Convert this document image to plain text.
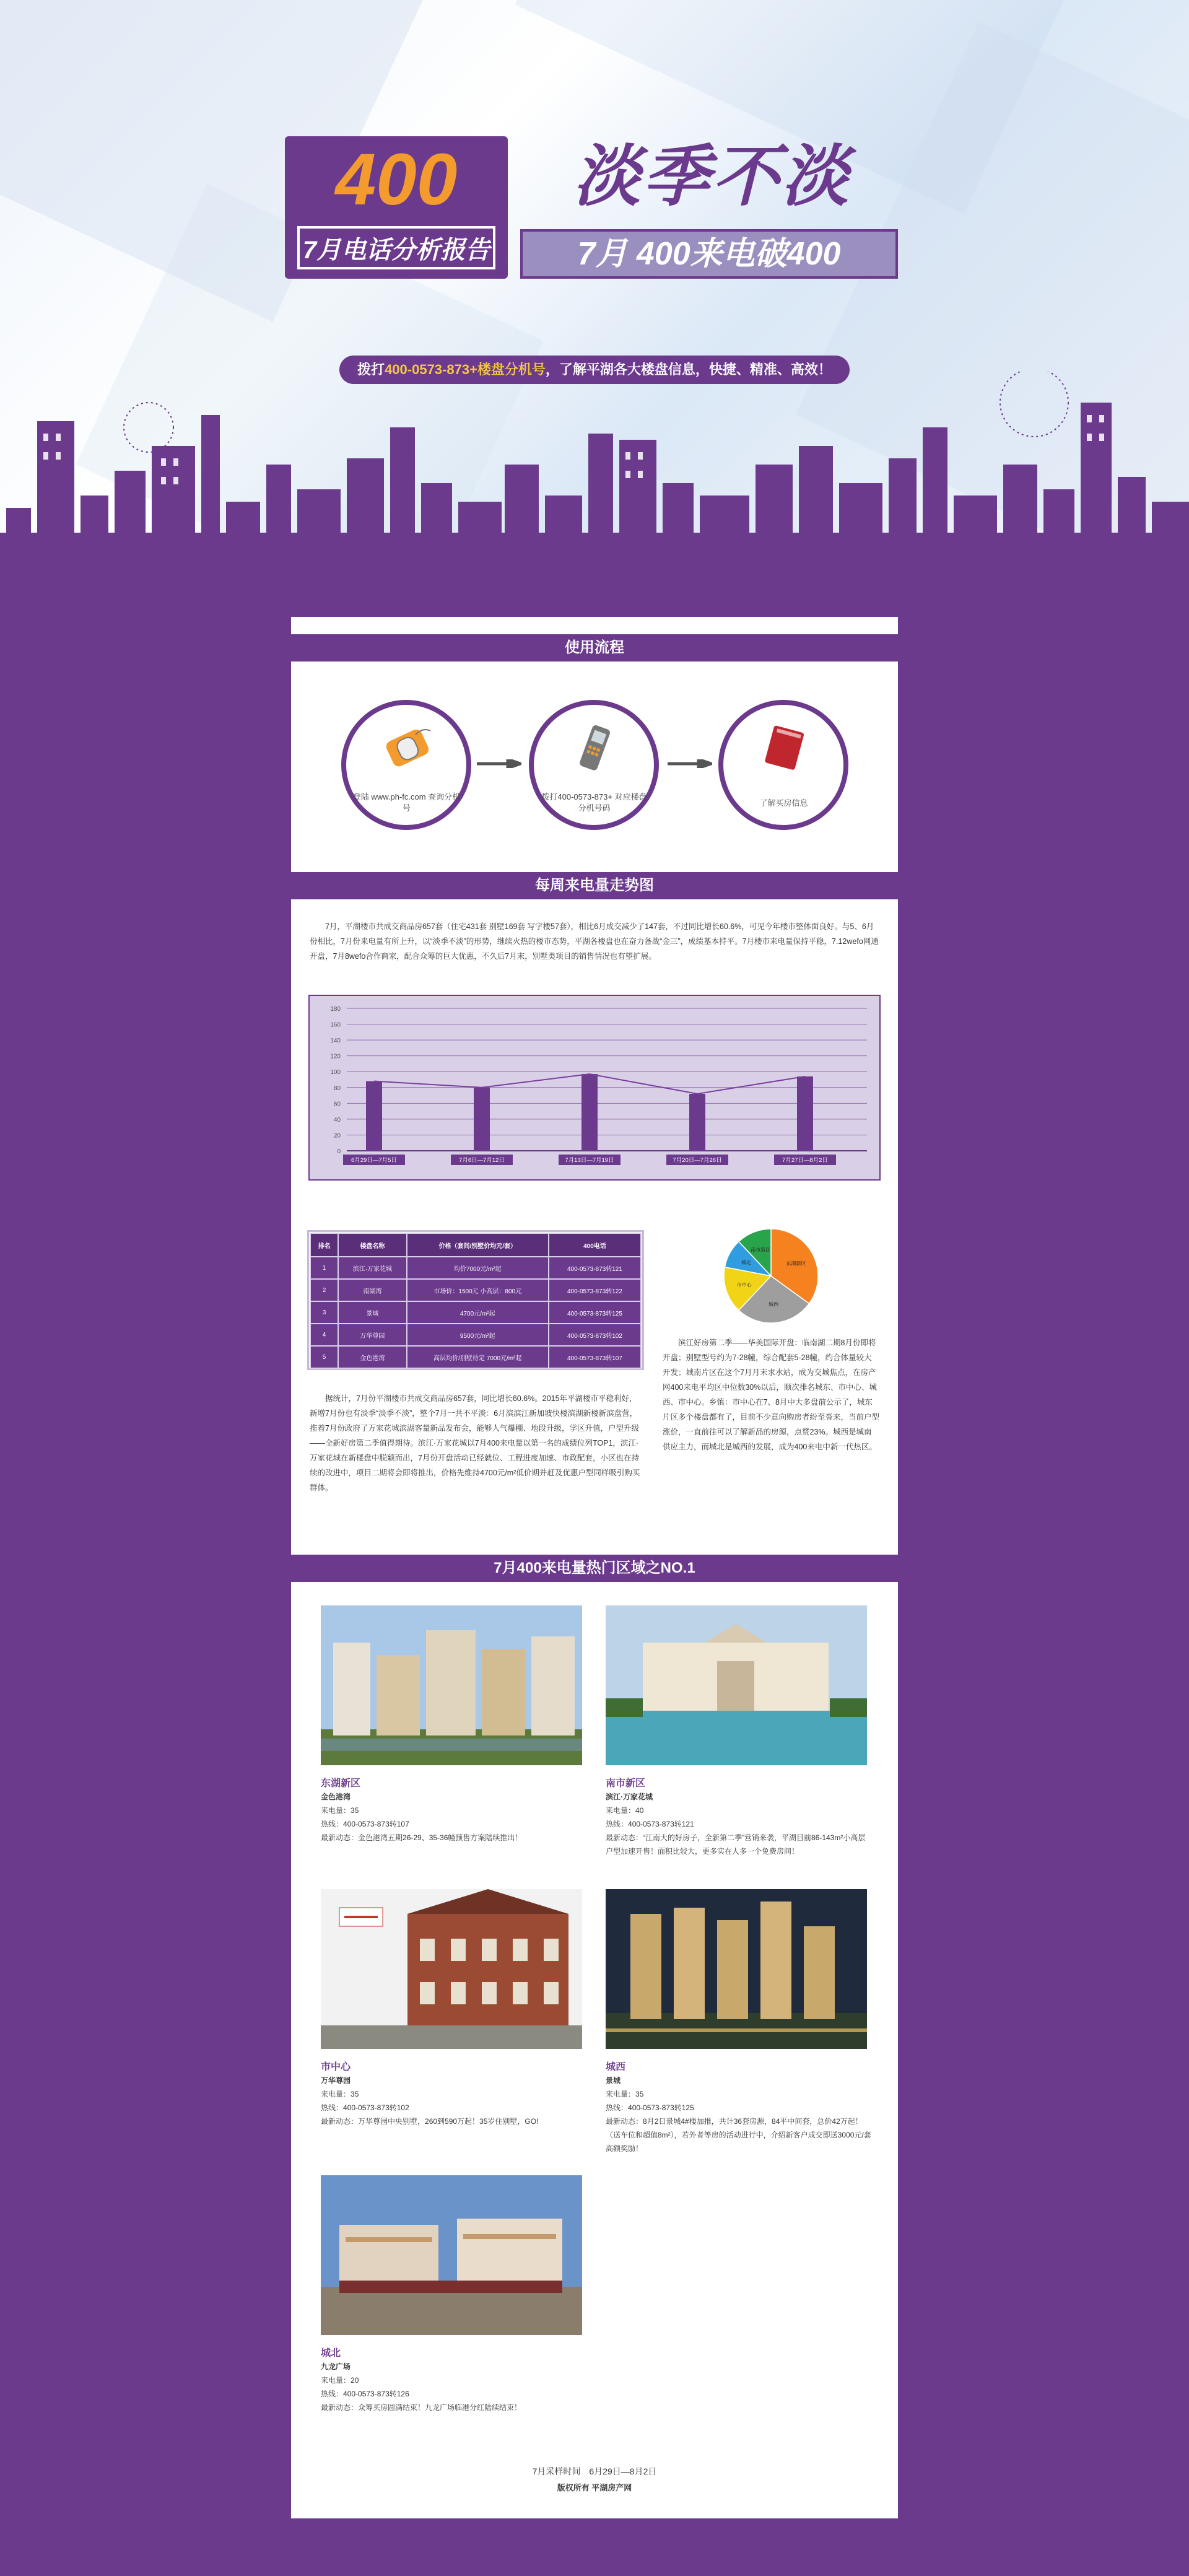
400
7月电话分析报告
淡季不淡
7月 400来电破400
拨打400-0573-873+楼盘分机号，了解平湖各大楼盘信息，快捷、精准、高效！
使用流程
登陆 www.ph-fc.com 查询分机号
拨打400-0573-873+ 对应楼盘分机号码
了解买房信息
每周来电量走势图
7月，平湖楼市共成交商品房657套（住宅431套 别墅169套 写字楼57套），相比6月成交减少了147套，不过同比增长60.6%，可见今年楼市整体面良好。与5、6月份相比，7月份来电量有所上升，以“淡季不淡”的形势，继续火热的楼市态势，平湖各楼盘也在奋力备战“金三”，成绩基本持平。7月楼市来电量保持平稳，7.12wefo网通开盘，7月8wefo合作商家，配合众筹的巨大优惠，不久后7月末，别墅类项目的销售情况也有望扩展。
0
20
40
60
80
100
120
140
160
180
6月29日—7月5日	7月6日—7月12日	7月13日—7月19日	7月20日—7月26日	7月27日—8月2日
排名	楼盘名称	价格（套间/别墅价均元/套）	400电话
1	滨江·万家花城	均价7000元/m²起	400-0573-873转121
2	南湖湾	市场价：1500元 小高层：800元	400-0573-873转122
3	景城	4700元/m²起	400-0573-873转125
4	万华尊园	9500元/m²起	400-0573-873转102
5	金色港湾	高层均价/别墅待定 7000元/m²起	400-0573-873转107
东湖新区
城西
市中心
城北
南市新区
据统计，7月份平湖楼市共成交商品房657套，同比增长60.6%。2015年平湖楼市平稳利好，新增7月份也有淡季“淡季不淡”，整个7月一共不平淡：6月滨滨江新加坡快楼滨湖新楼新滨盘营，推着7月份政府了万家花城滨湖客量新品发布会，能够人气爆棚、地段升级，学区升值，户型升级——全新好房第二季值得期待。滨江·万家花城以7月400来电量以第一名的成绩位列TOP1，滨江·万家花城在新楼盘中脱颖而出，7月份开盘活动已经就位、工程进度加速、市政配套，小区也在持续的改进中，项目二期将会即将推出，价格先维持4700元/m²低价期并赶及优惠户型同样吸引购买群体。
滨江好房第二季——华美国际开盘：临南湖二期8月份即将开盘；别墅型号约为7-28幢，综合配套5-28幢，约合体量较大开发；城南片区在这个7月月末求水站，成为交城焦点，在房产网400来电平均区中位数30%以后，顺次排名城东、市中心、城西、市中心。乡镇：市中心在7、8月中大多盘前公示了，城东片区多个楼盘都有了，目前不少意向购房者纷至沓来，当前户型涨价，一直前往可以了解新品的房源，点赞23%。城西是城南供应主力，而城北是城西的发展，成为400来电中新一代热区。
7月400来电量热门区域之NO.1
东湖新区
金色港湾
来电量：35
热线：400-0573-873转107
最新动态：金色港湾五期26-29、35-36幢预售方案陆续推出！
南市新区
滨江·万家花城
来电量：40
热线：400-0573-873转121
最新动态：“江南大的好房子，全新第二季”营销来袭，平湖目前86-143m²小高层户型加速开售！面积比较大，更多实在人多一个免费房间！
市中心
万华尊园
来电量：35
热线：400-0573-873转102
最新动态：万华尊园中央别墅，260到590万起！35岁住别墅，GO!
城西
景城
来电量：35
热线：400-0573-873转125
最新动态：8月2日景城4#楼加推，共计36套房源，84平中间套，总价42万起！（送车位和超值8m²），若外者等房的活动进行中，介绍新客户成交即送3000元/套高额奖励！
城北
九龙广场
来电量：20
热线：400-0573-873转126
最新动态：众筹买房圆满结束！九龙广场临港分红陆续结束！
7月采样时间　6月29日—8月2日
版权所有 平湖房产网
